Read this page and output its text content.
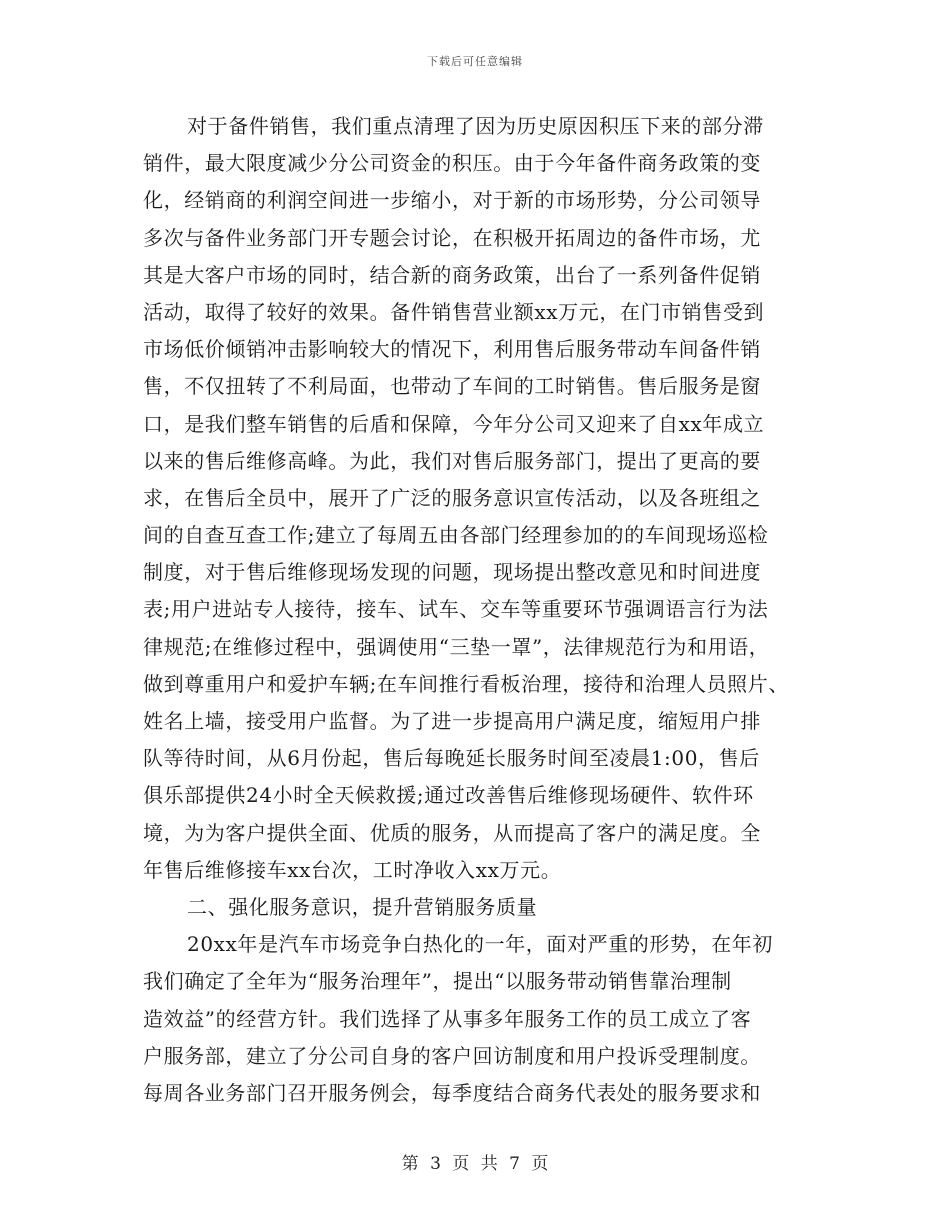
下载后可任意编辑
对于备件销售，我们重点清理了因为历史原因积压下来的部分滞
销件，最大限度减少分公司资金的积压。由于今年备件商务政策的变
化，经销商的利润空间进一步缩小，对于新的市场形势，分公司领导
多次与备件业务部门开专题会讨论，在积极开拓周边的备件市场，尤
其是大客户市场的同时，结合新的商务政策，出台了一系列备件促销
活动，取得了较好的效果。备件销售营业额xx万元，在门市销售受到
市场低价倾销冲击影响较大的情况下，利用售后服务带动车间备件销
售，不仅扭转了不利局面，也带动了车间的工时销售。售后服务是窗
口，是我们整车销售的后盾和保障，今年分公司又迎来了自xx年成立
以来的售后维修高峰。为此，我们对售后服务部门，提出了更高的要
求，在售后全员中，展开了广泛的服务意识宣传活动，以及各班组之
间的自查互查工作;建立了每周五由各部门经理参加的的车间现场巡检
制度，对于售后维修现场发现的问题，现场提出整改意见和时间进度
表;用户进站专人接待，接车、试车、交车等重要环节强调语言行为法
律规范;在维修过程中，强调使用“三垫一罩”，法律规范行为和用语，
做到尊重用户和爱护车辆;在车间推行看板治理，接待和治理人员照片、
姓名上墙，接受用户监督。为了进一步提高用户满足度，缩短用户排
队等待时间，从6月份起，售后每晚延长服务时间至凌晨1:00，售后
俱乐部提供24小时全天候救援;通过改善售后维修现场硬件、软件环
境，为为客户提供全面、优质的服务，从而提高了客户的满足度。全
年售后维修接车xx台次，工时净收入xx万元。
二、强化服务意识，提升营销服务质量
20xx年是汽车市场竞争白热化的一年，面对严重的形势，在年初
我们确定了全年为“服务治理年”，提出“以服务带动销售靠治理制
造效益”的经营方针。我们选择了从事多年服务工作的员工成立了客
户服务部，建立了分公司自身的客户回访制度和用户投诉受理制度。
每周各业务部门召开服务例会，每季度结合商务代表处的服务要求和
第 3 页 共 7 页
